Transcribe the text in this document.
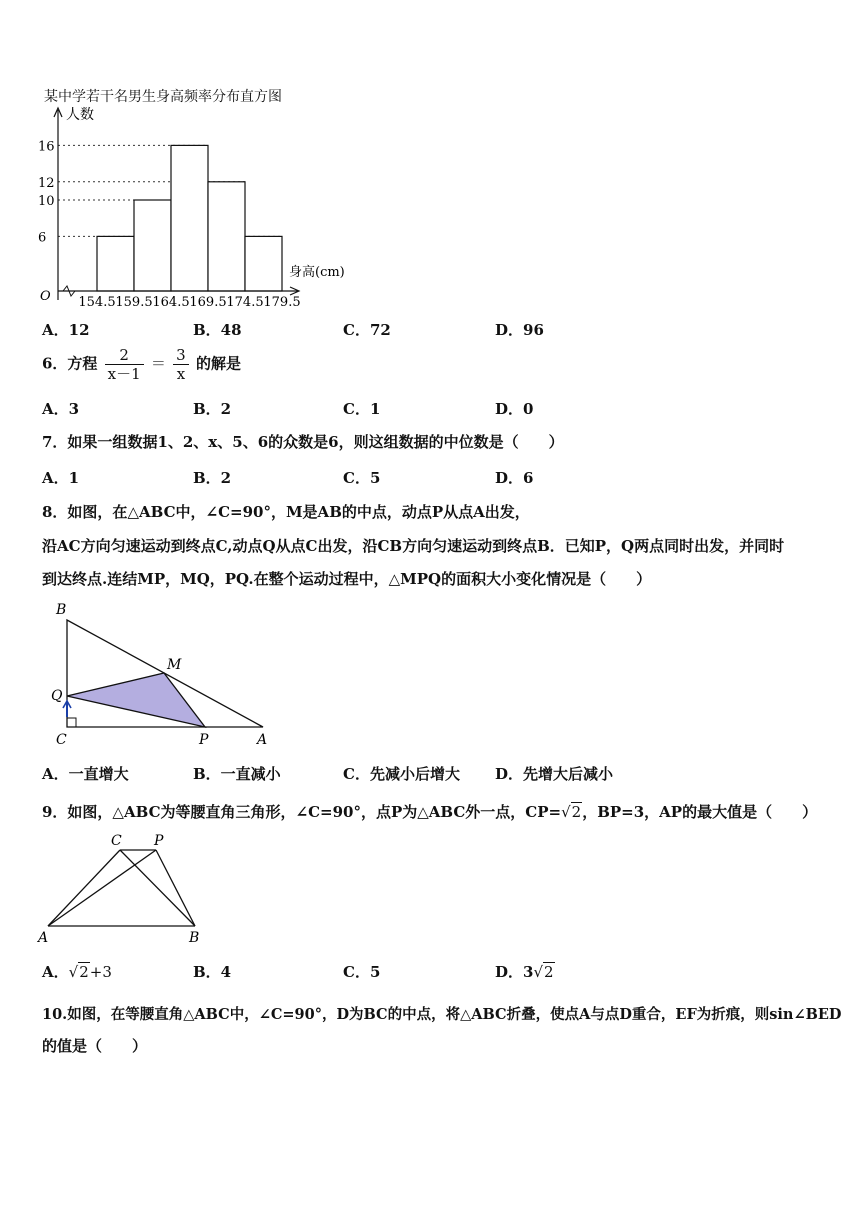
某中学若干名男生身高频率分布直方图
6
10
12
16
154.5 159.5 164.5 169.5 174.5 179.5
人数
身高(cm)
O
A．12	B．48	C．72	D．96
6．方程 $\frac{2}{x-1} = \frac{3}{x}$ 的解是
A．3	B．2	C．1	D．0
7．如果一组数据1、2、x、5、6的众数是6，则这组数据的中位数是（　　）
A．1	B．2	C．5	D．6
8．如图，在△ABC中，∠C=90°，M是AB的中点，动点P从点A出发，
沿AC方向匀速运动到终点C,动点Q从点C出发，沿CB方向匀速运动到终点B．已知P，Q两点同时出发，并同时
到达终点.连结MP，MQ，PQ.在整个运动过程中，△MPQ的面积大小变化情况是（　　）
B
M
Q
C	P	A
A．一直增大	B．一直减小	C．先减小后增大 D．先增大后减小
9．如图，△ABC为等腰直角三角形，∠C=90°，点P为△ABC外一点，CP=√2，BP=3，AP的最大值是（　　）
C P
A	B
A．√2+3	B．4	C．5	D．3√2
10.如图，在等腰直角△ABC中，∠C=90°，D为BC的中点，将△ABC折叠，使点A与点D重合，EF为折痕，则sin∠BED
的值是（　　）
